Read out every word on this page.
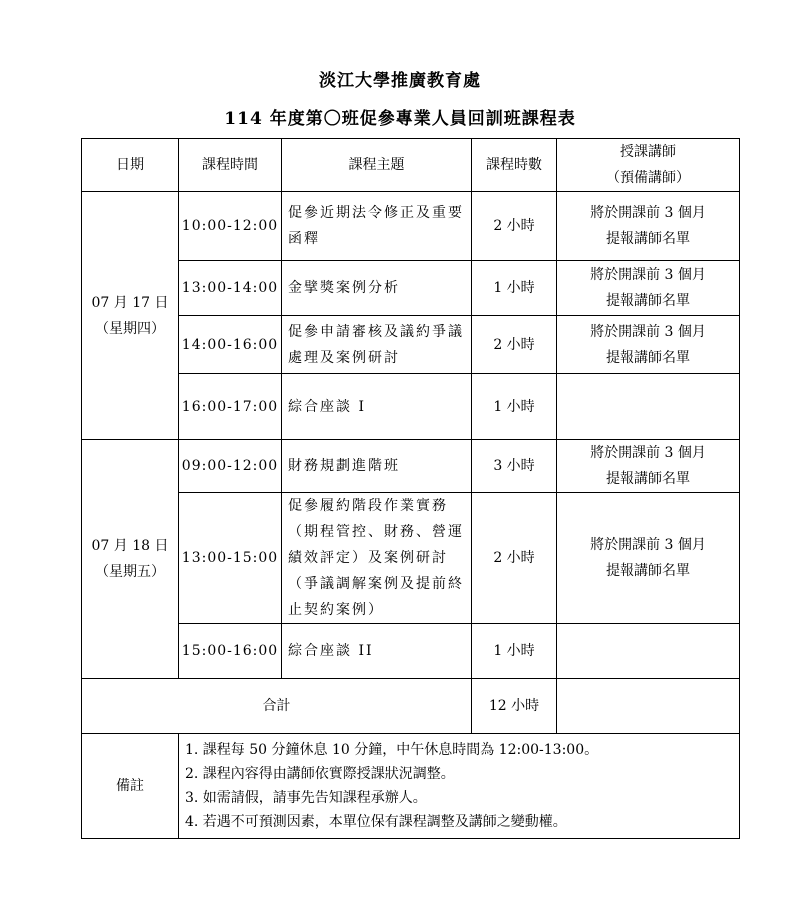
淡江大學推廣教育處
114 年度第〇班促參專業人員回訓班課程表
日期	課程時間	課程主題	課程時數	授課講師
（預備講師）

07 月 17 日
（星期四）	10:00-12:00	促參近期法令修正及重要函釋	2 小時	將於開課前 3 個月
提報講師名單

	13:00-14:00	金擘獎案例分析	1 小時	將於開課前 3 個月
提報講師名單

	14:00-16:00	促參申請審核及議約爭議處理及案例研討	2 小時	將於開課前 3 個月
提報講師名單

	16:00-17:00	綜合座談 I	1 小時	

07 月 18 日
（星期五）	09:00-12:00	財務規劃進階班	3 小時	將於開課前 3 個月
提報講師名單

	13:00-15:00	促參履約階段作業實務（期程管控、財務、營運績效評定）及案例研討（爭議調解案例及提前終止契約案例）	2 小時	將於開課前 3 個月
提報講師名單

	15:00-16:00	綜合座談 II	1 小時	

合計			12 小時	
備註	1. 課程每 50 分鐘休息 10 分鐘，中午休息時間為 12:00-13:00。
2. 課程內容得由講師依實際授課狀況調整。
3. 如需請假，請事先告知課程承辦人。
4. 若遇不可預測因素，本單位保有課程調整及講師之變動權。			
